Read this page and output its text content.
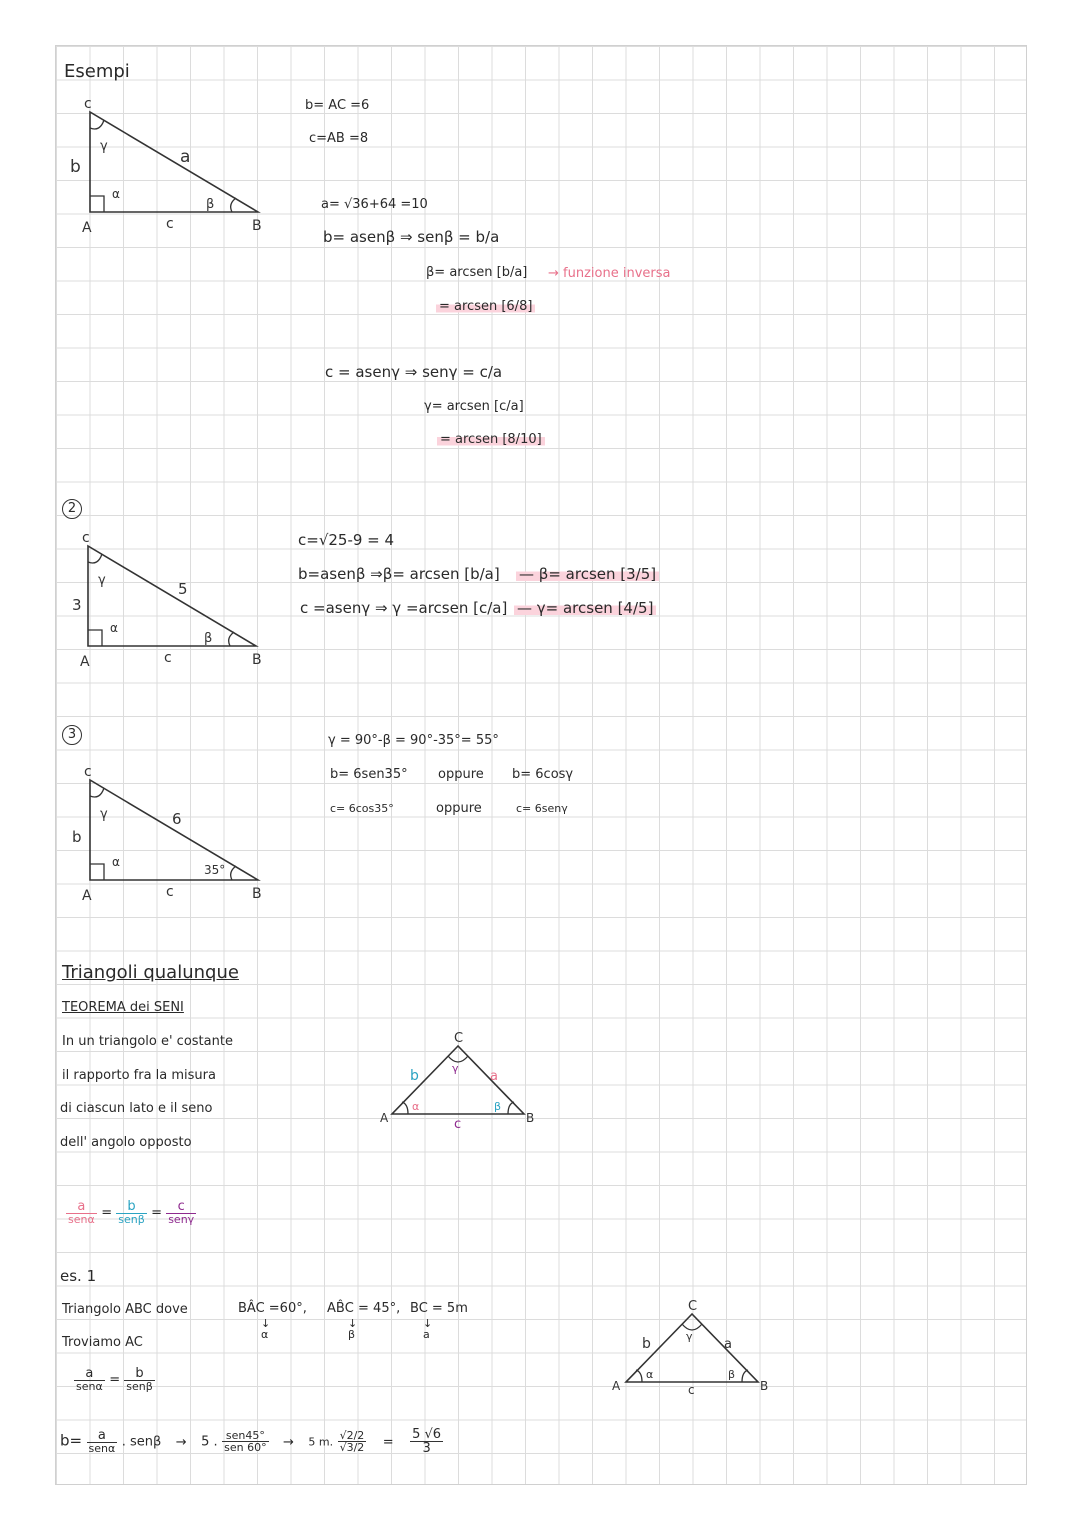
Esempi
c
γ
b	a
α
β
A	c	B
b= AC =6
c=AB =8
a= √36+64 =10
b= asenβ ⇒ senβ = b/a
β= arcsen [b/a] → funzione inversa
= arcsen [6/8]
c = asenγ ⇒ senγ = c/a
γ= arcsen [c/a]
= arcsen [8/10]
2
c
γ
3
5
α
β
A	c	B
c=√25-9 = 4
b=asenβ ⇒β= arcsen [b/a] — β= arcsen [3/5]
c =asenγ ⇒ γ =arcsen [c/a] — γ= arcsen [4/5]
3
c
γ
b
6
α
35°
A	c	B
γ = 90°-β = 90°-35°= 55°
b= 6sen35° oppure b= 6cosγ
c= 6cos35°	oppure	c= 6senγ
Triangoli qualunque
TEOREMA dei SENI
In un triangolo e' costante
il rapporto fra la misura
di ciascun lato e il seno
dell' angolo opposto
C
γ
b	a
α	β
A	c	B
$\frac{a}{\text{senα}} = \frac{b}{\text{senβ}} = \frac{c}{\text{senγ}}$
es. 1
Triangolo ABC dove	BÂC =60°, AB̂C = 45°, BC = 5m
↓
α
↓
β
↓
a
Troviamo AC
$\frac{a}{\text{senα}} = \frac{b}{\text{senβ}}$
$b= \frac{a}{\text{senα}}$ . senβ → 5 . $\frac{\text{sen45°}}{\text{sen 60°}} \to 5$ m. $\frac{√2/2}{√3/2} = \frac{5 √6}{3}$
C
γ
b	a
α	β
A	c	B
